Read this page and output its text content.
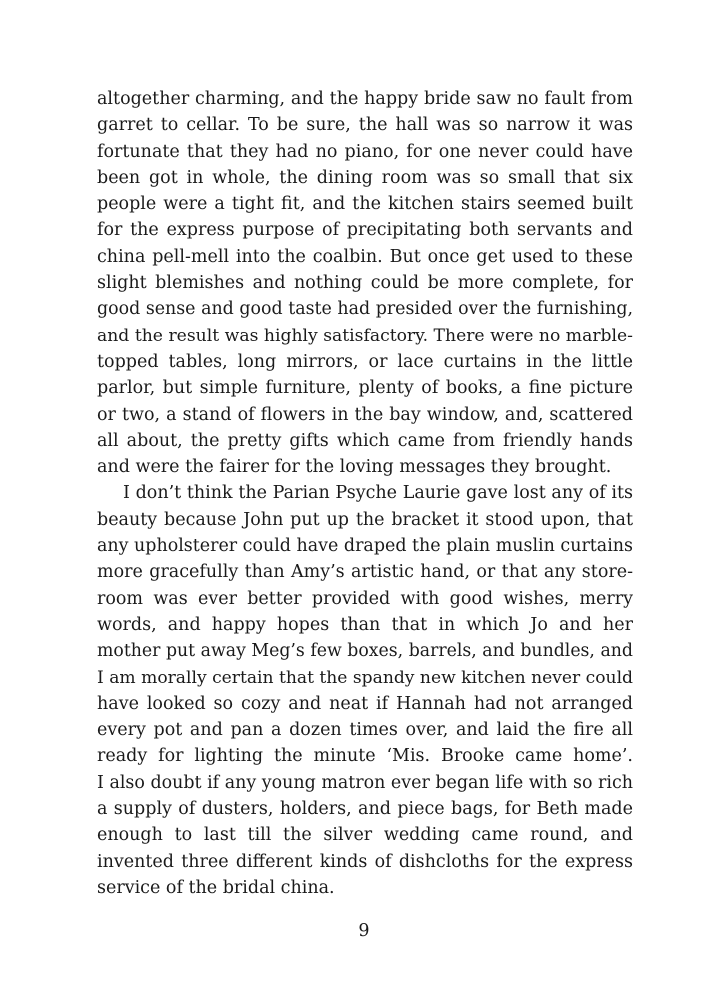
altogether charming, and the happy bride saw no fault from
garret to cellar. To be sure, the hall was so narrow it was
fortunate that they had no piano, for one never could have
been got in whole, the dining room was so small that six
people were a tight fit, and the kitchen stairs seemed built
for the express purpose of precipitating both servants and
china pell-mell into the coalbin. But once get used to these
slight blemishes and nothing could be more complete, for
good sense and good taste had presided over the furnishing,
and the result was highly satisfactory. There were no marble-
topped tables, long mirrors, or lace curtains in the little
parlor, but simple furniture, plenty of books, a fine picture
or two, a stand of flowers in the bay window, and, scattered
all about, the pretty gifts which came from friendly hands
and were the fairer for the loving messages they brought.
I don’t think the Parian Psyche Laurie gave lost any of its
beauty because John put up the bracket it stood upon, that
any upholsterer could have draped the plain muslin curtains
more gracefully than Amy’s artistic hand, or that any store-
room was ever better provided with good wishes, merry
words, and happy hopes than that in which Jo and her
mother put away Meg’s few boxes, barrels, and bundles, and
I am morally certain that the spandy new kitchen never could
have looked so cozy and neat if Hannah had not arranged
every pot and pan a dozen times over, and laid the fire all
ready for lighting the minute ‘Mis. Brooke came home’.
I also doubt if any young matron ever began life with so rich
a supply of dusters, holders, and piece bags, for Beth made
enough to last till the silver wedding came round, and
invented three different kinds of dishcloths for the express
service of the bridal china.
9
